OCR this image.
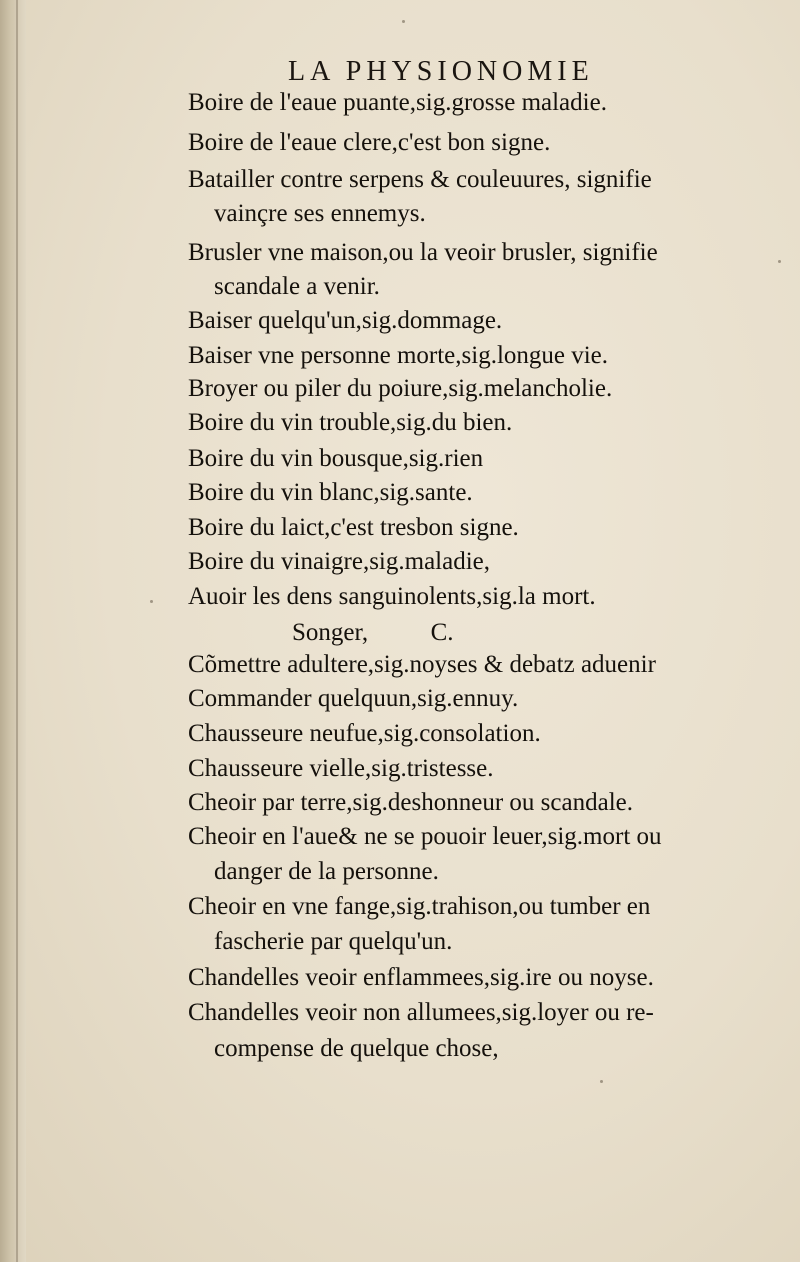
LA PHYSIONOMIE
Boire de l'eaue puante,sig.grosse maladie.
Boire de l'eaue clere,c'est bon signe.
Batailler contre serpens & couleuures, signifie
vainçre ses ennemys.
Brusler vne maison,ou la veoir brusler, signifie
scandale a venir.
Baiser quelqu'un,sig.dommage.
Baiser vne personne morte,sig.longue vie.
Broyer ou piler du poiure,sig.melancholie.
Boire du vin trouble,sig.du bien.
Boire du vin bousque,sig.rien
Boire du vin blanc,sig.sante.
Boire du laict,c'est tresbon signe.
Boire du vinaigre,sig.maladie,
Auoir les dens sanguinolents,sig.la mort.
Songer,          C.
Cõmettre adultere,sig.noyses & debatz aduenir
Commander quelquun,sig.ennuy.
Chausseure neufue,sig.consolation.
Chausseure vielle,sig.tristesse.
Cheoir par terre,sig.deshonneur ou scandale.
Cheoir en l'aue& ne se pouoir leuer,sig.mort ou
danger de la personne.
Cheoir en vne fange,sig.trahison,ou tumber en
fascherie par quelqu'un.
Chandelles veoir enflammees,sig.ire ou noyse.
Chandelles veoir non allumees,sig.loyer ou re-
compense de quelque chose,
